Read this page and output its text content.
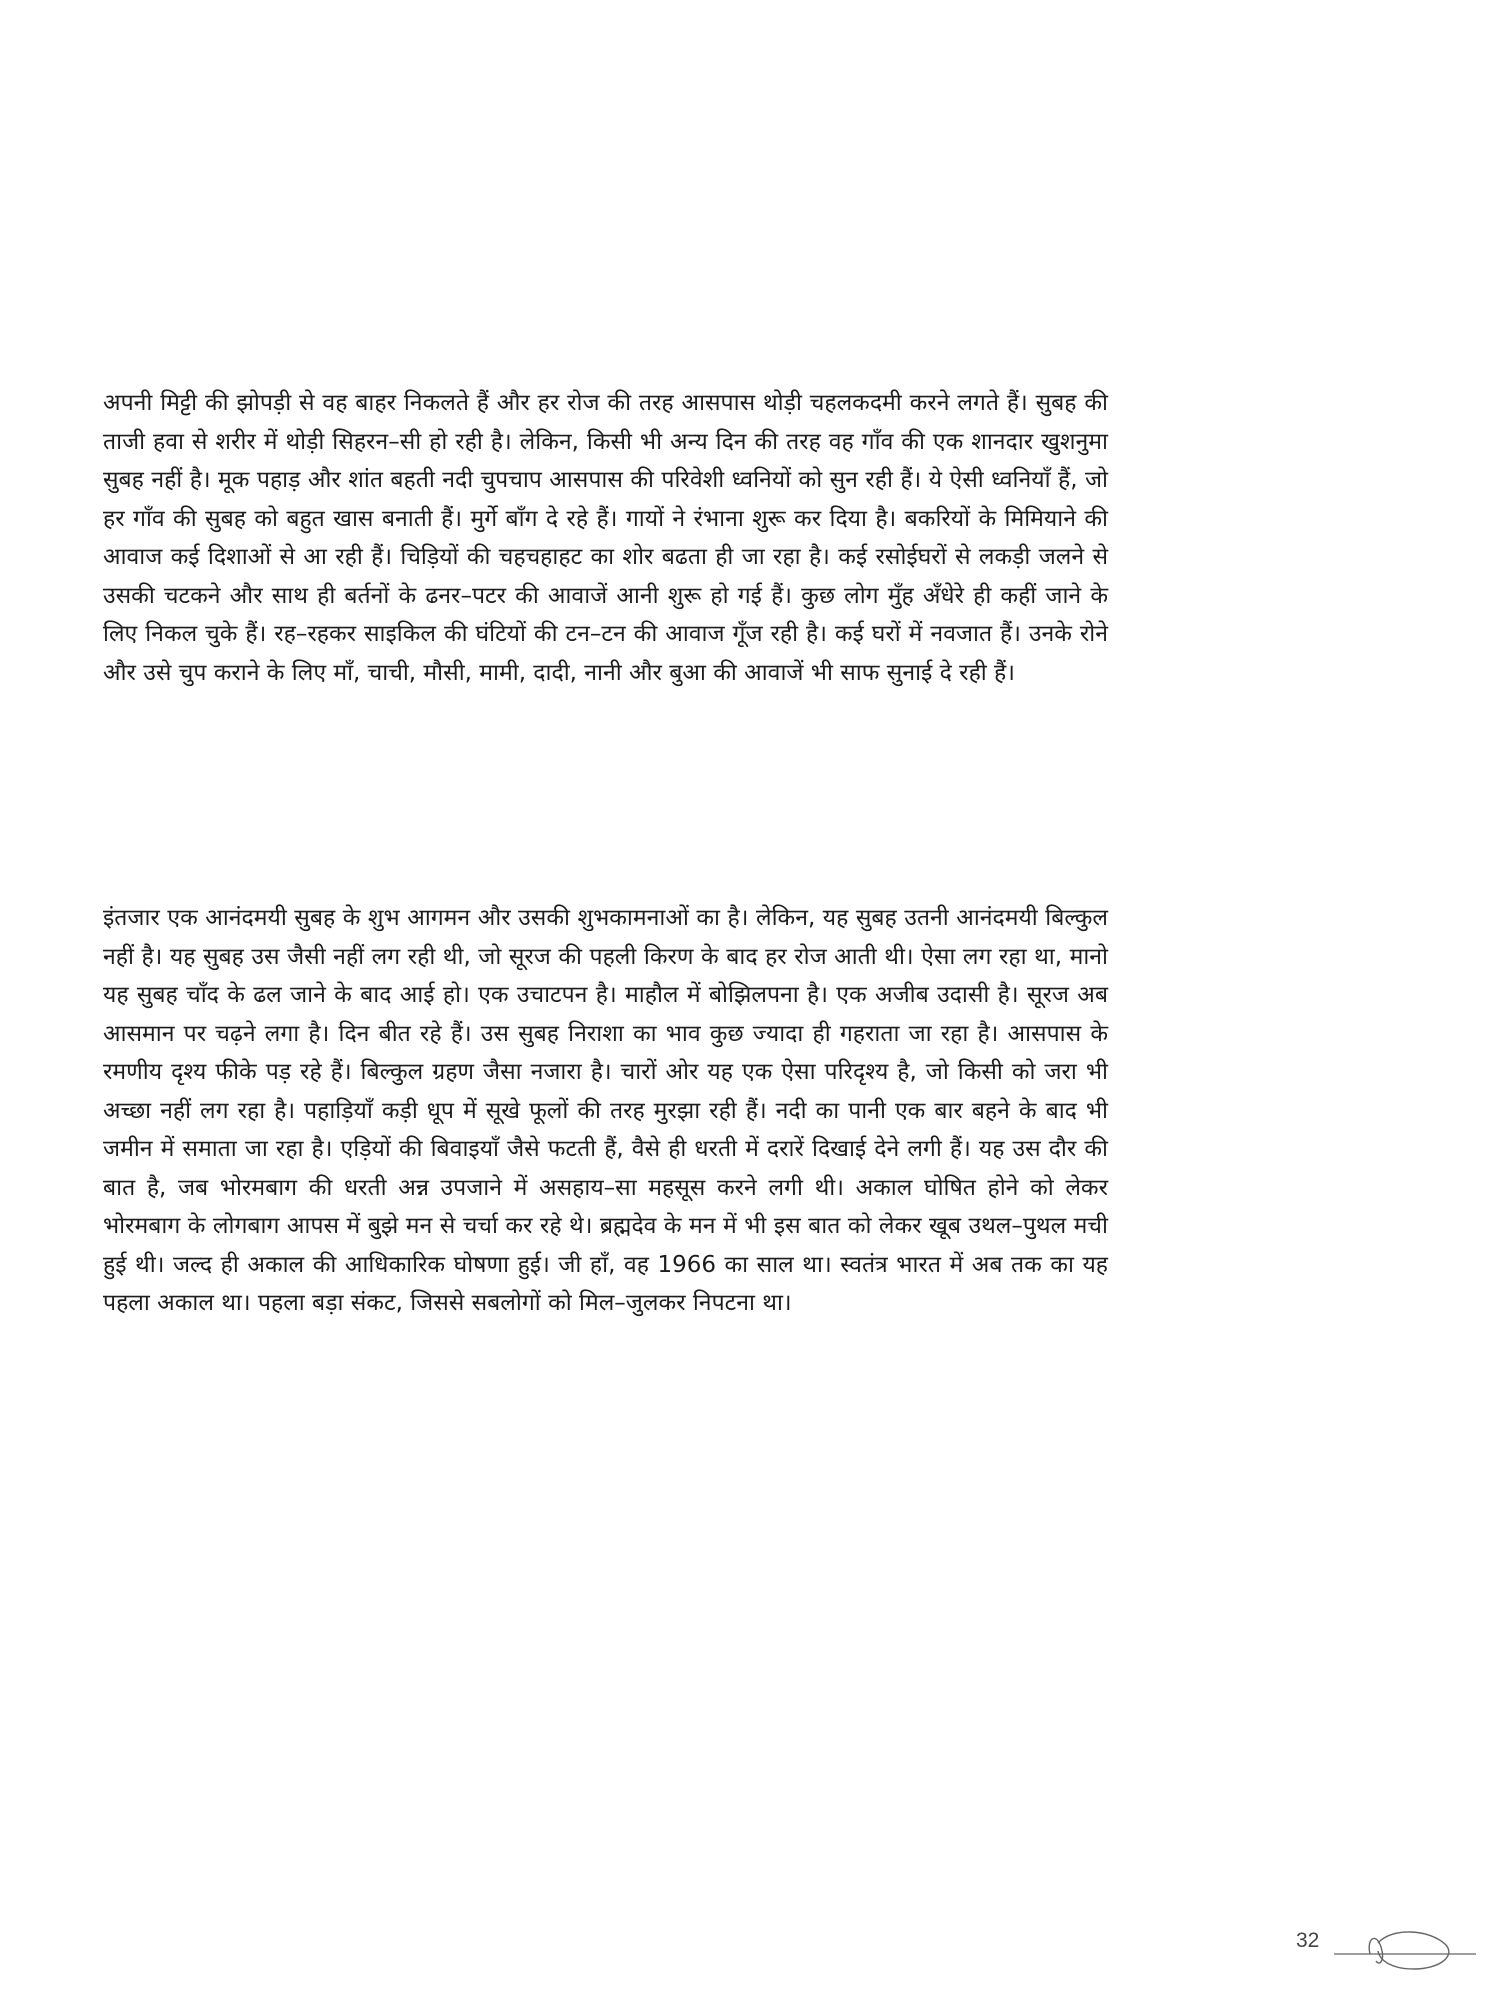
अपनी मिट्टी की झोपड़ी से वह बाहर निकलते हैं और हर रोज की तरह आसपास थोड़ी चहलकदमी करने लगते हैं। सुबह की ताजी हवा से शरीर में थोड़ी सिहरन–सी हो रही है। लेकिन, किसी भी अन्य दिन की तरह वह गाँव की एक शानदार खुशनुमा सुबह नहीं है। मूक पहाड़ और शांत बहती नदी चुपचाप आसपास की परिवेशी ध्वनियों को सुन रही हैं। ये ऐसी ध्वनियाँ हैं, जो हर गाँव की सुबह को बहुत खास बनाती हैं। मुर्गे बाँग दे रहे हैं। गायों ने रंभाना शुरू कर दिया है। बकरियों के मिमियाने की आवाज कई दिशाओं से आ रही हैं। चिड़ियों की चहचहाहट का शोर बढता ही जा रहा है। कई रसोईघरों से लकड़ी जलने से उसकी चटकने और साथ ही बर्तनों के ढनर–पटर की आवाजें आनी शुरू हो गई हैं। कुछ लोग मुँह अँधेरे ही कहीं जाने के लिए निकल चुके हैं। रह–रहकर साइकिल की घंटियों की टन–टन की आवाज गूँज रही है। कई घरों में नवजात हैं। उनके रोने और उसे चुप कराने के लिए माँ, चाची, मौसी, मामी, दादी, नानी और बुआ की आवाजें भी साफ सुनाई दे रही हैं।

इंतजार एक आनंदमयी सुबह के शुभ आगमन और उसकी शुभकामनाओं का है। लेकिन, यह सुबह उतनी आनंदमयी बिल्कुल नहीं है। यह सुबह उस जैसी नहीं लग रही थी, जो सूरज की पहली किरण के बाद हर रोज आती थी। ऐसा लग रहा था, मानो यह सुबह चाँद के ढल जाने के बाद आई हो। एक उचाटपन है। माहौल में बोझिलपना है। एक अजीब उदासी है। सूरज अब आसमान पर चढ़ने लगा है। दिन बीत रहे हैं। उस सुबह निराशा का भाव कुछ ज्यादा ही गहराता जा रहा है। आसपास के रमणीय दृश्य फीके पड़ रहे हैं। बिल्कुल ग्रहण जैसा नजारा है। चारों ओर यह एक ऐसा परिदृश्य है, जो किसी को जरा भी अच्छा नहीं लग रहा है। पहाड़ियाँ कड़ी धूप में सूखे फूलों की तरह मुरझा रही हैं। नदी का पानी एक बार बहने के बाद भी जमीन में समाता जा रहा है। एड़ियों की बिवाइयाँ जैसे फटती हैं, वैसे ही धरती में दरारें दिखाई देने लगी हैं। यह उस दौर की बात है, जब भोरमबाग की धरती अन्न उपजाने में असहाय–सा महसूस करने लगी थी। अकाल घोषित होने को लेकर भोरमबाग के लोगबाग आपस में बुझे मन से चर्चा कर रहे थे। ब्रह्मदेव के मन में भी इस बात को लेकर खूब उथल–पुथल मची हुई थी। जल्द ही अकाल की आधिकारिक घोषणा हुई। जी हाँ, वह 1966 का साल था। स्वतंत्र भारत में अब तक का यह पहला अकाल था। पहला बड़ा संकट, जिससे सबलोगों को मिल–जुलकर निपटना था।

32
